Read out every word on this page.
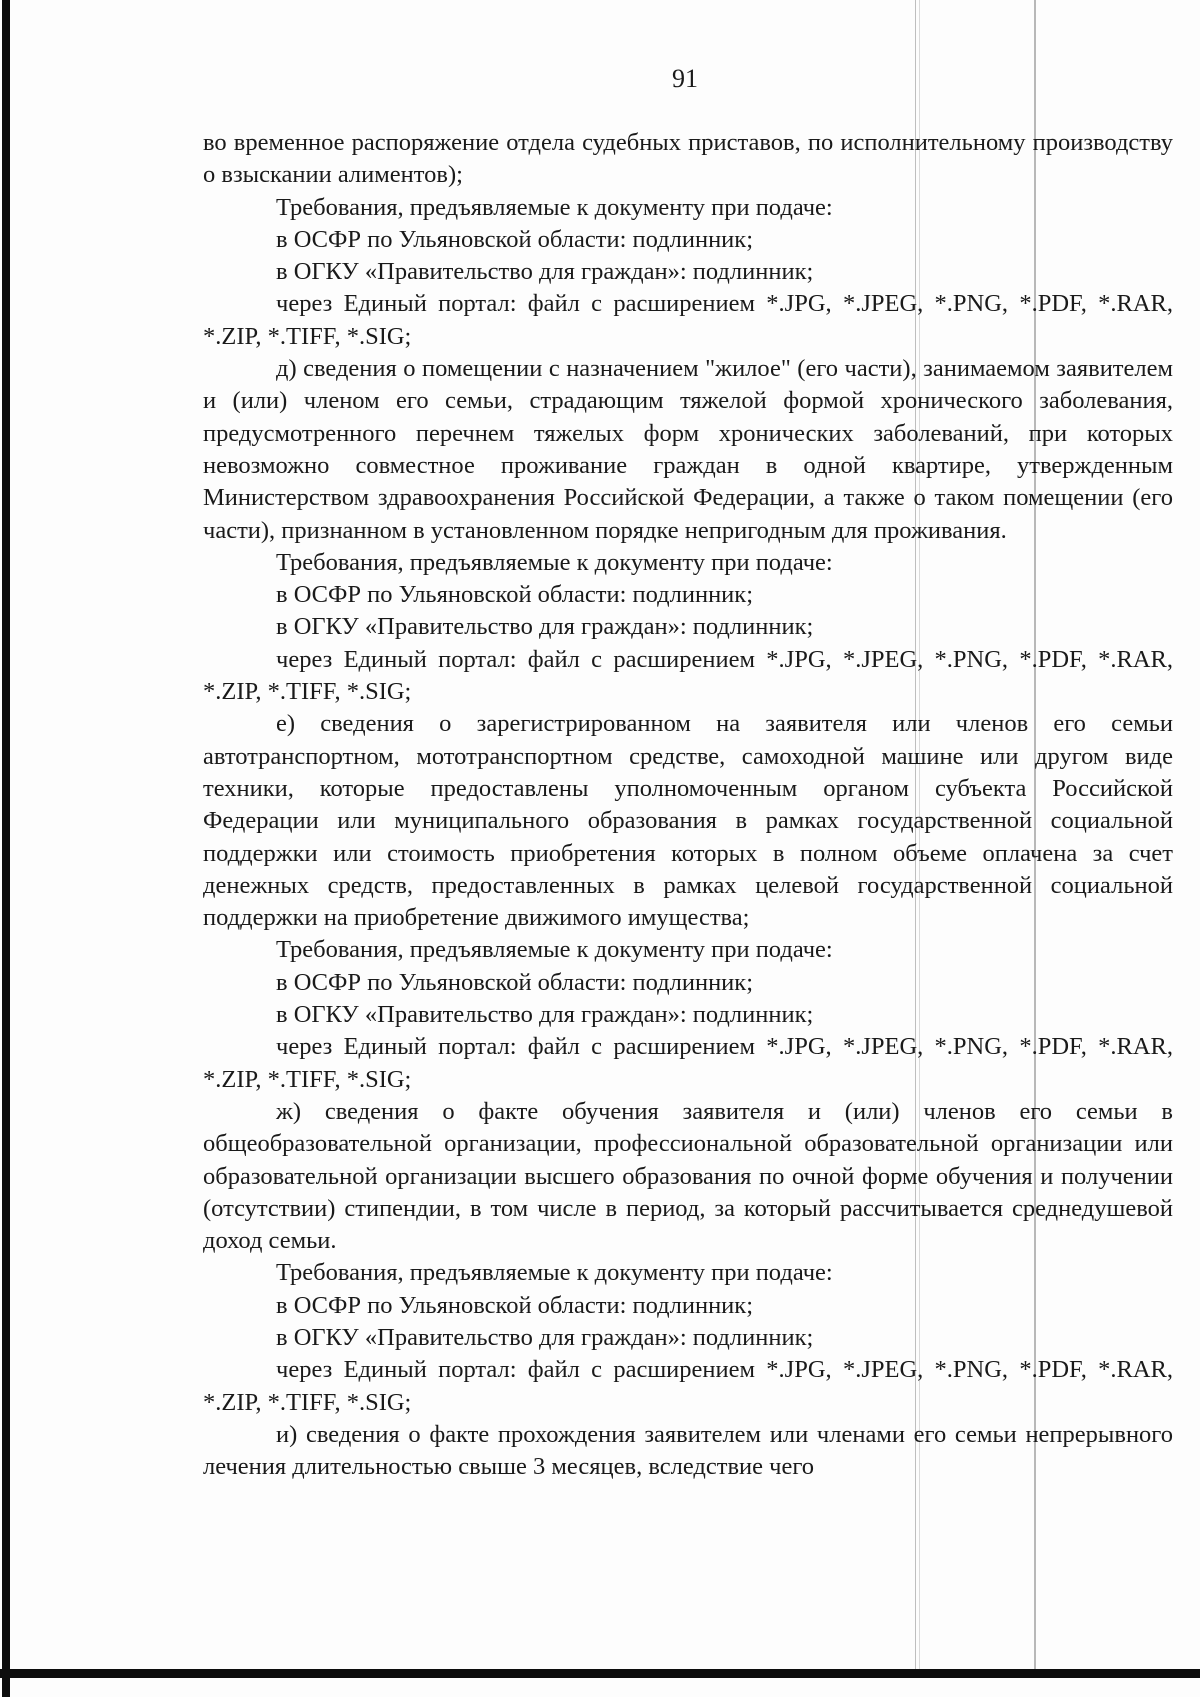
91

во временное распоряжение отдела судебных приставов, по исполнительному производству о взыскании алиментов);

Требования, предъявляемые к документу при подаче:

в ОСФР по Ульяновской области: подлинник;

в ОГКУ «Правительство для граждан»: подлинник;

через Единый портал: файл с расширением *.JPG, *.JPEG, *.PNG, *.PDF, *.RAR, *.ZIP, *.TIFF, *.SIG;

д) сведения о помещении с назначением "жилое" (его части), занимаемом заявителем и (или) членом его семьи, страдающим тяжелой формой хронического заболевания, предусмотренного перечнем тяжелых форм хронических заболеваний, при которых невозможно совместное проживание граждан в одной квартире, утвержденным Министерством здравоохранения Российской Федерации, а также о таком помещении (его части), признанном в установленном порядке непригодным для проживания.

Требования, предъявляемые к документу при подаче:

в ОСФР по Ульяновской области: подлинник;

в ОГКУ «Правительство для граждан»: подлинник;

через Единый портал: файл с расширением *.JPG, *.JPEG, *.PNG, *.PDF, *.RAR, *.ZIP, *.TIFF, *.SIG;

е) сведения о зарегистрированном на заявителя или членов его семьи автотранспортном, мототранспортном средстве, самоходной машине или другом виде техники, которые предоставлены уполномоченным органом субъекта Российской Федерации или муниципального образования в рамках государственной социальной поддержки или стоимость приобретения которых в полном объеме оплачена за счет денежных средств, предоставленных в рамках целевой государственной социальной поддержки на приобретение движимого имущества;

Требования, предъявляемые к документу при подаче:

в ОСФР по Ульяновской области: подлинник;

в ОГКУ «Правительство для граждан»: подлинник;

через Единый портал: файл с расширением *.JPG, *.JPEG, *.PNG, *.PDF, *.RAR, *.ZIP, *.TIFF, *.SIG;

ж) сведения о факте обучения заявителя и (или) членов его семьи в общеобразовательной организации, профессиональной образовательной организации или образовательной организации высшего образования по очной форме обучения и получении (отсутствии) стипендии, в том числе в период, за который рассчитывается среднедушевой доход семьи.

Требования, предъявляемые к документу при подаче:

в ОСФР по Ульяновской области: подлинник;

в ОГКУ «Правительство для граждан»: подлинник;

через Единый портал: файл с расширением *.JPG, *.JPEG, *.PNG, *.PDF, *.RAR, *.ZIP, *.TIFF, *.SIG;

и) сведения о факте прохождения заявителем или членами его семьи непрерывного лечения длительностью свыше 3 месяцев, вследствие чего
